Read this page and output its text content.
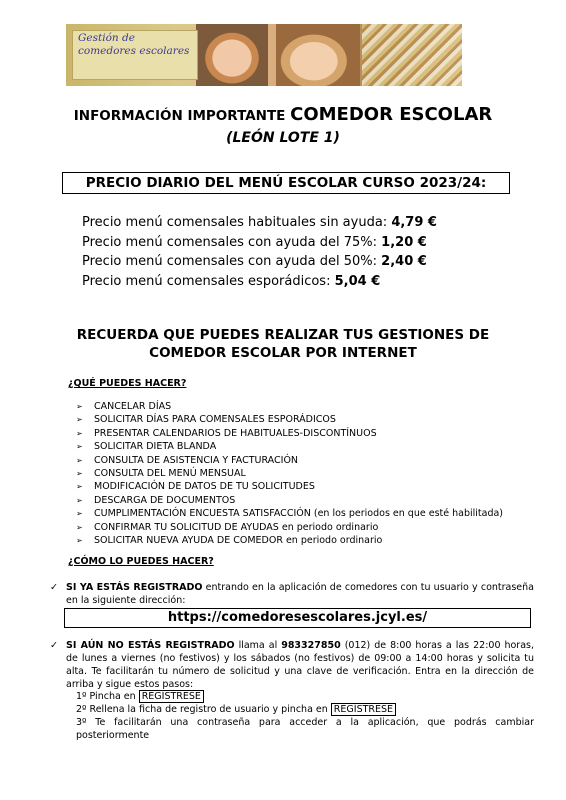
Gestión de
comedores escolares
INFORMACIÓN IMPORTANTE COMEDOR ESCOLAR
(LEÓN LOTE 1)
PRECIO DIARIO DEL MENÚ ESCOLAR CURSO 2023/24:
Precio menú comensales habituales sin ayuda: 4,79 €
Precio menú comensales con ayuda del 75%: 1,20 €
Precio menú comensales con ayuda del 50%: 2,40 €
Precio menú comensales esporádicos: 5,04 €
RECUERDA QUE PUEDES REALIZAR TUS GESTIONES DE
COMEDOR ESCOLAR POR INTERNET
¿QUÉ PUEDES HACER?
➢	CANCELAR DÍAS
➢	SOLICITAR DÍAS PARA COMENSALES ESPORÁDICOS
➢	PRESENTAR CALENDARIOS DE HABITUALES-DISCONTÍNUOS
➢	SOLICITAR DIETA BLANDA
➢	CONSULTA DE ASISTENCIA Y FACTURACIÓN
➢	CONSULTA DEL MENÚ MENSUAL
➢	MODIFICACIÓN DE DATOS DE TU SOLICITUDES
➢	DESCARGA DE DOCUMENTOS
➢	CUMPLIMENTACIÓN ENCUESTA SATISFACCIÓN (en los periodos en que esté habilitada)
➢	CONFIRMAR TU SOLICITUD DE AYUDAS en periodo ordinario
➢	SOLICITAR NUEVA AYUDA DE COMEDOR en periodo ordinario
¿CÓMO LO PUEDES HACER?
✓ SI YA ESTÁS REGISTRADO entrando en la aplicación de comedores con tu usuario y contraseña en la siguiente dirección:
https://comedoresescolares.jcyl.es/
✓ SI AÚN NO ESTÁS REGISTRADO llama al 983327850 (012) de 8:00 horas a las 22:00 horas, de lunes a viernes (no festivos) y los sábados (no festivos) de 09:00 a 14:00 horas y solicita tu alta. Te facilitarán tu número de solicitud y una clave de verificación. Entra en la dirección de arriba y sigue estos pasos:
1º Pincha en REGÍSTRESE
2º Rellena la ficha de registro de usuario y pincha en REGÍSTRESE
3º Te facilitarán una contraseña para acceder a la aplicación, que podrás cambiar posteriormente
